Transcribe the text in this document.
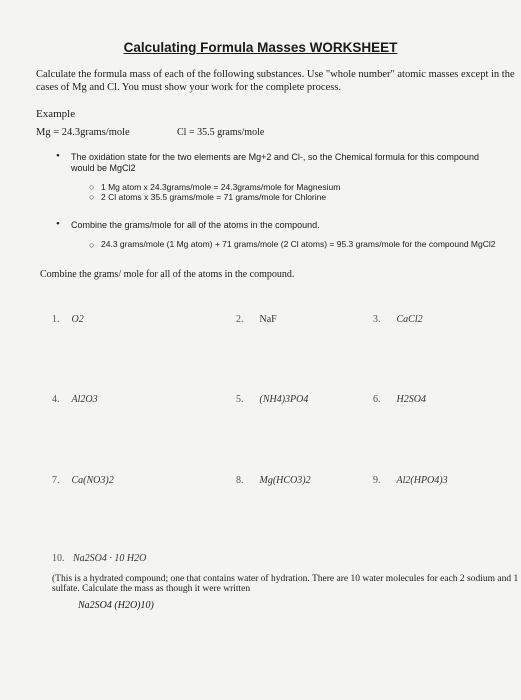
Calculating Formula Masses WORKSHEET
Calculate the formula mass of each of the following substances. Use "whole number" atomic masses except in the cases of Mg and Cl. You must show your work for the complete process.
Example
Mg = 24.3grams/mole	Cl = 35.5 grams/mole
• The oxidation state for the two elements are Mg+2 and Cl-, so the Chemical formula for this compound would be MgCl2
○
○
1 Mg atom x 24.3grams/mole = 24.3grams/mole for Magnesium
2 Cl atoms x 35.5 grams/mole = 71 grams/mole for Chlorine
• Combine the grams/mole for all of the atoms in the compound.
○ 24.3 grams/mole (1 Mg atom) + 71 grams/mole (2 Cl atoms) = 95.3 grams/mole for the compound MgCl2
Combine the grams/ mole for all of the atoms in the compound.
1. O2	2. NaF	3. CaCl2
4. Al2O3	5. (NH4)3PO4	6. H2SO4
7. Ca(NO3)2	8. Mg(HCO3)2	9. Al2(HPO4)3
10. Na2SO4 · 10 H2O
(This is a hydrated compound; one that contains water of hydration. There are 10 water molecules for each 2 sodium and 1 sulfate. Calculate the mass as though it were written
Na2SO4 (H2O)10)
